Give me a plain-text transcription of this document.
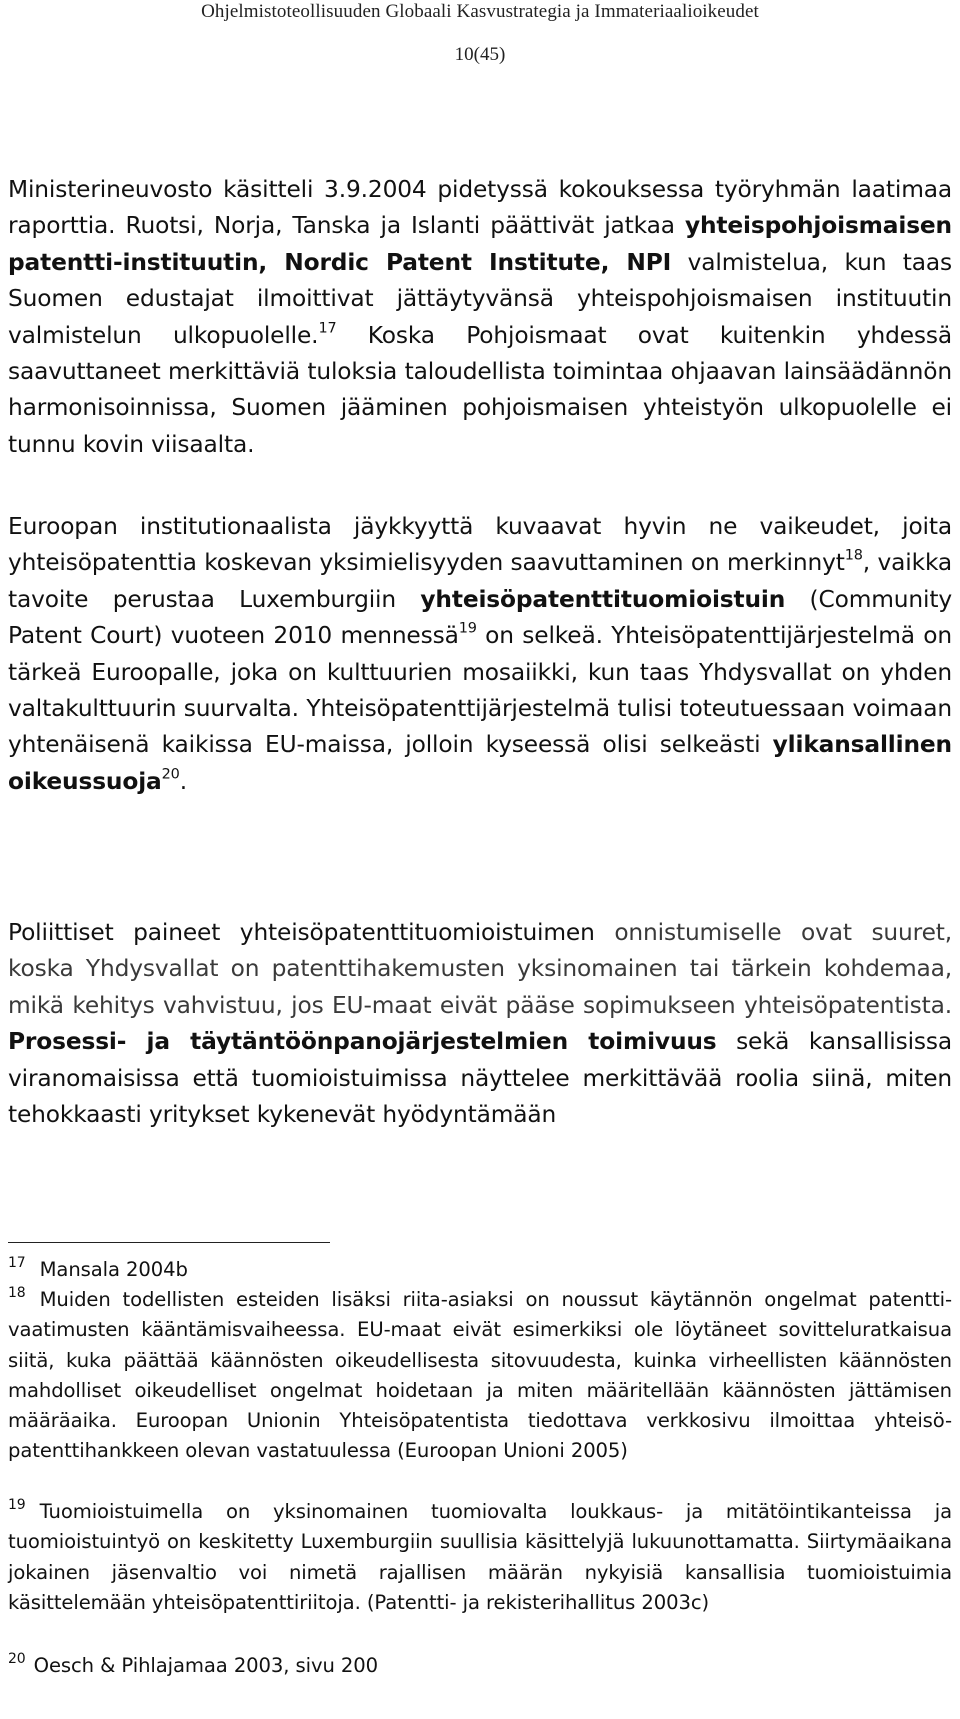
Ohjelmistoteollisuuden Globaali Kasvustrategia ja Immateriaalioikeudet
10(45)
Ministerineuvosto käsitteli 3.9.2004 pidetyssä kokouksessa työryhmän laatimaa raporttia. Ruotsi, Norja, Tanska ja Islanti päättivät jatkaa yhteispohjoismaisen patentti-instituutin, Nordic Patent Institute, NPI valmistelua, kun taas Suomen edustajat ilmoittivat jättäytyvänsä yhteispohjoismaisen instituutin valmistelun ulkopuolelle.$^{17}$ Koska Pohjoismaat ovat kuitenkin yhdessä saavuttaneet merkittäviä tuloksia taloudellista toimintaa ohjaavan lainsäädännön harmonisoinnissa, Suomen jääminen pohjoismaisen yhteistyön ulkopuolelle ei tunnu kovin viisaalta.
Euroopan institutionaalista jäykkyyttä kuvaavat hyvin ne vaikeudet, joita yhteisöpatenttia koskevan yksimielisyyden saavuttaminen on merkinnyt$^{18}$, vaikka tavoite perustaa Luxemburgiin yhteisöpatenttituomioistuin (Community Patent Court) vuoteen 2010 mennessä$^{19}$ on selkeä. Yhteisöpatenttijärjestelmä on tärkeä Euroopalle, joka on kulttuurien mosaiikki, kun taas Yhdysvallat on yhden valtakulttuurin suurvalta. Yhteisöpatenttijärjestelmä tulisi toteutuessaan voimaan yhtenäisenä kaikissa EU-maissa, jolloin kyseessä olisi selkeästi ylikansallinen oikeussuoja$^{20}$.
Poliittiset paineet yhteisöpatenttituomioistuimen onnistumiselle ovat suuret, koska Yhdysvallat on patenttihakemusten yksinomainen tai tärkein kohdemaa, mikä kehitys vahvistuu, jos EU-maat eivät pääse sopimukseen yhteisöpatentista. Prosessi- ja täytäntöönpanojärjestelmien toimivuus sekä kansallisissa viranomaisissa että tuomioistuimissa näyttelee merkittävää roolia siinä, miten tehokkaasti yritykset kykenevät hyödyntämään
$^{17}$ Mansala 2004b
$^{18}$ Muiden todellisten esteiden lisäksi riita-asiaksi on noussut käytännön ongelmat patentti-vaatimusten kääntämisvaiheessa. EU-maat eivät esimerkiksi ole löytäneet sovitteluratkaisua siitä, kuka päättää käännösten oikeudellisesta sitovuudesta, kuinka virheellisten käännösten mahdolliset oikeudelliset ongelmat hoidetaan ja miten määritellään käännösten jättämisen määräaika. Euroopan Unionin Yhteisöpatentista tiedottava verkkosivu ilmoittaa yhteisö-patenttihankkeen olevan vastatuulessa (Euroopan Unioni 2005)
$^{19}$ Tuomioistuimella on yksinomainen tuomiovalta loukkaus- ja mitätöintikanteissa ja tuomioistuintyö on keskitetty Luxemburgiin suullisia käsittelyjä lukuunottamatta. Siirtymäaikana jokainen jäsenvaltio voi nimetä rajallisen määrän nykyisiä kansallisia tuomioistuimia käsittelemään yhteisöpatenttiriitoja. (Patentti- ja rekisterihallitus 2003c)
$^{20}$ Oesch & Pihlajamaa 2003, sivu 200
